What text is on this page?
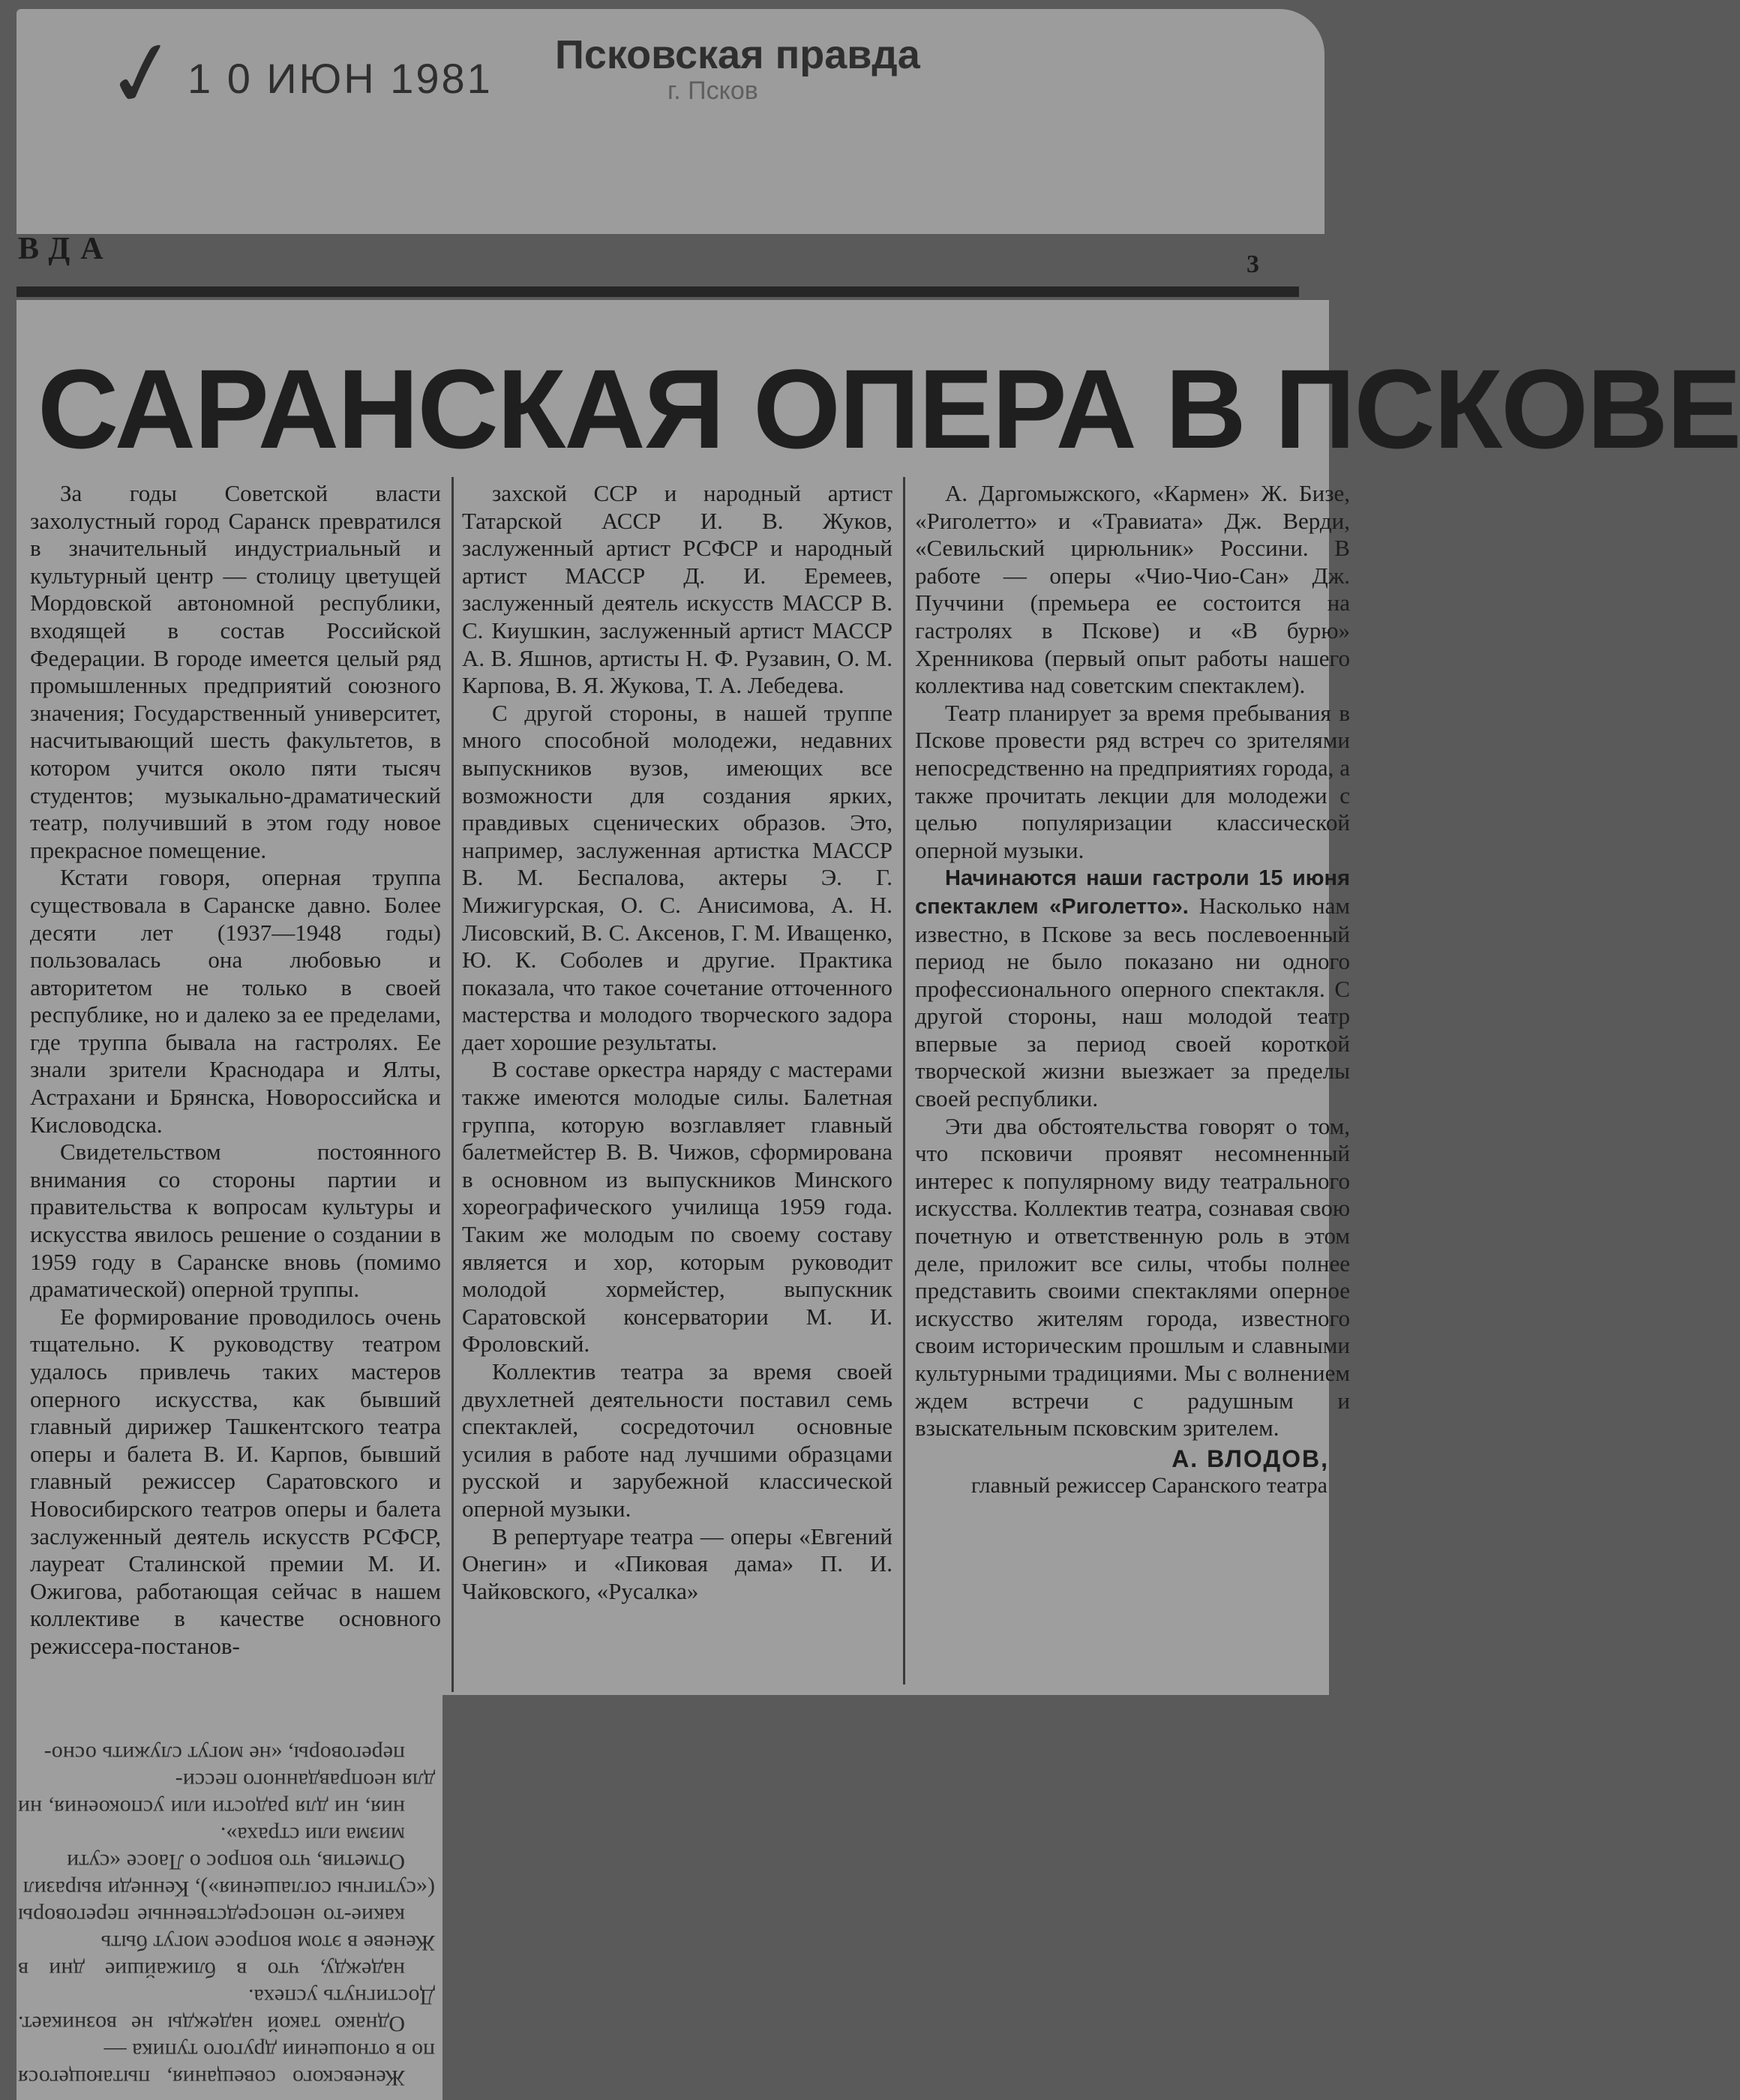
✓
1 0 ИЮН 1981 Псковская правда
г. Псков
ВДА	3
САРАНСКАЯ ОПЕРА В ПСКОВЕ

За годы Советской власти захолустный город Саранск превратился в значительный индустриальный и культурный центр — столицу цветущей Мордовской автономной республики, входящей в состав Российской Федерации. В городе имеется целый ряд промышленных предприятий союзного значения; Государственный университет, насчитывающий шесть факультетов, в котором учится около пяти тысяч студентов; музыкально-драматический театр, получивший в этом году новое прекрасное помещение.

Кстати говоря, оперная труппа существовала в Саранске давно. Более десяти лет (1937—1948 годы) пользовалась она любовью и авторитетом не только в своей республике, но и далеко за ее пределами, где труппа бывала на гастролях. Ее знали зрители Краснодара и Ялты, Астрахани и Брянска, Новороссийска и Кисловодска.

Свидетельством постоянного внимания со стороны партии и правительства к вопросам культуры и искусства явилось решение о создании в 1959 году в Саранске вновь (помимо драматической) оперной труппы.

Ее формирование проводилось очень тщательно. К руководству театром удалось привлечь таких мастеров оперного искусства, как бывший главный дирижер Ташкентского театра оперы и балета В. И. Карпов, бывший главный режиссер Саратовского и Новосибирского театров оперы и балета заслуженный деятель искусств РСФСР, лауреат Сталинской премии М. И. Ожигова, работающая сейчас в нашем коллективе в качестве основного режиссера-постанов-

захской ССР и народный артист Татарской АССР И. В. Жуков, заслуженный артист РСФСР и народный артист МАССР Д. И. Еремеев, заслуженный деятель искусств МАССР В. С. Киушкин, заслуженный артист МАССР А. В. Яшнов, артисты Н. Ф. Рузавин, О. М. Карпова, В. Я. Жукова, Т. А. Лебедева.

С другой стороны, в нашей труппе много способной молодежи, недавних выпускников вузов, имеющих все возможности для создания ярких, правдивых сценических образов. Это, например, заслуженная артистка МАССР В. М. Беспалова, актеры Э. Г. Мижигурская, О. С. Анисимова, А. Н. Лисовский, В. С. Аксенов, Г. М. Иващенко, Ю. К. Соболев и другие. Практика показала, что такое сочетание отточенного мастерства и молодого творческого задора дает хорошие результаты.

В составе оркестра наряду с мастерами также имеются молодые силы. Балетная группа, которую возглавляет главный балетмейстер В. В. Чижов, сформирована в основном из выпускников Минского хореографического училища 1959 года. Таким же молодым по своему составу является и хор, которым руководит молодой хормейстер, выпускник Саратовской консерватории М. И. Фроловский.

Коллектив театра за время своей двухлетней деятельности поставил семь спектаклей, сосредоточил основные усилия в работе над лучшими образцами русской и зарубежной классической оперной музыки.

В репертуаре театра — оперы «Евгений Онегин» и «Пиковая дама» П. И. Чайковского, «Русалка»

А. Даргомыжского, «Кармен» Ж. Бизе, «Риголетто» и «Травиата» Дж. Верди, «Севильский цирюльник» Россини. В работе — оперы «Чио-Чио-Сан» Дж. Пуччини (премьера ее состоится на гастролях в Пскове) и «В бурю» Хренникова (первый опыт работы нашего коллектива над советским спектаклем).

Театр планирует за время пребывания в Пскове провести ряд встреч со зрителями непосредственно на предприятиях города, а также прочитать лекции для молодежи с целью популяризации классической оперной музыки.

Начинаются наши гастроли 15 июня спектаклем «Риголетто». Насколько нам известно, в Пскове за весь послевоенный период не было показано ни одного профессионального оперного спектакля. С другой стороны, наш молодой театр впервые за период своей короткой творческой жизни выезжает за пределы своей республики.

Эти два обстоятельства говорят о том, что псковичи проявят несомненный интерес к популярному виду театрального искусства. Коллектив театра, сознавая свою почетную и ответственную роль в этом деле, приложит все силы, чтобы полнее представить своими спектаклями оперное искусство жителям города, известного своим историческим прошлым и славными культурными традициями. Мы с волнением ждем встречи с радушным и взыскательным псковским зрителем.

А. ВЛОДОВ,
главный режиссер Саранского театра

Женевского совещания, пытающегося по в отношении другого тупика —

Однако такой надежды не возникает. Достигнуть успеха.

надежду, что в ближайшие дни в Женеве в этом вопросе могут быть

какие-то непосредственные переговоры («сутигны соглашения»), Кеннеди выразил

Отметив, что вопрос о Лаосе «сути

мизма или страха».

ния, ни для радости или успокоения, ни для неоправданного песси-

переговоры, «не могут служить осно-
